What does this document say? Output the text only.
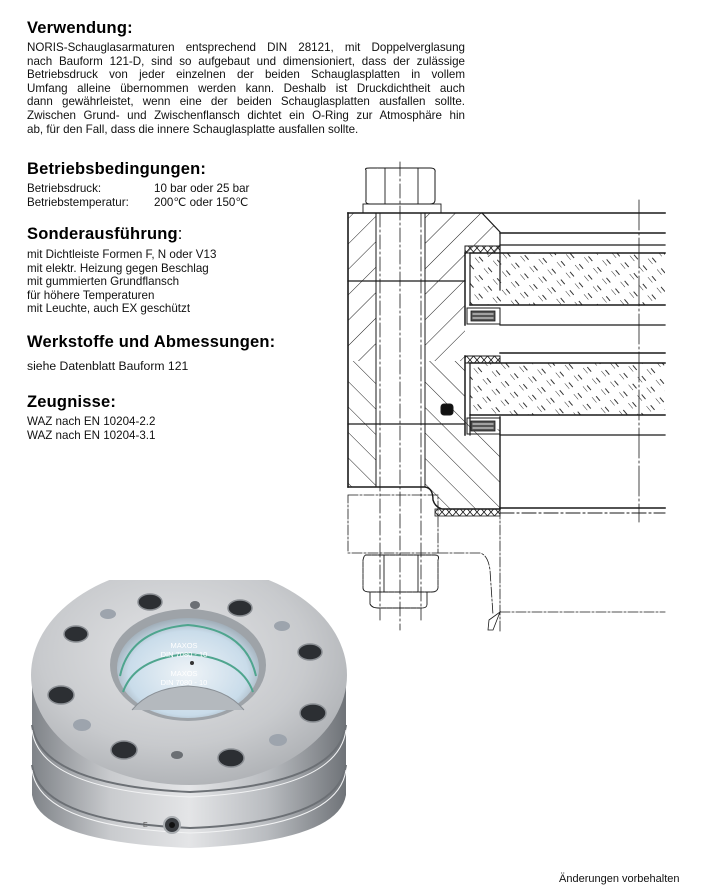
Verwendung:
NORIS-Schauglasarmaturen entsprechend DIN 28121, mit Doppelverglasung
nach Bauform 121-D, sind so aufgebaut und dimensioniert, dass der zulässige
Betriebsdruck von jeder einzelnen der beiden Schauglasplatten in vollem
Umfang alleine übernommen werden kann. Deshalb ist Druckdichtheit auch
dann gewährleistet, wenn eine der beiden Schauglasplatten ausfallen sollte.
Zwischen Grund- und Zwischenflansch dichtet ein O-Ring zur Atmosphäre hin
ab, für den Fall, dass die innere Schauglasplatte ausfallen sollte.
Betriebsbedingungen:
Betriebsdruck:	10 bar oder 25 bar
Betriebstemperatur:	200℃ oder 150℃
Sonderausführung:
mit Dichtleiste Formen F, N oder V13
mit elektr. Heizung gegen Beschlag
mit gummierten Grundflansch
für höhere Temperaturen
mit Leuchte, auch EX geschützt
Werkstoffe und Abmessungen:
siehe Datenblatt Bauform 121
Zeugnisse:
WAZ nach EN 10204-2.2
WAZ nach EN 10204-3.1
MAXOS
DIN 7080 - 10
MAXOS
DIN 7080 - 10
E
Änderungen vorbehalten
